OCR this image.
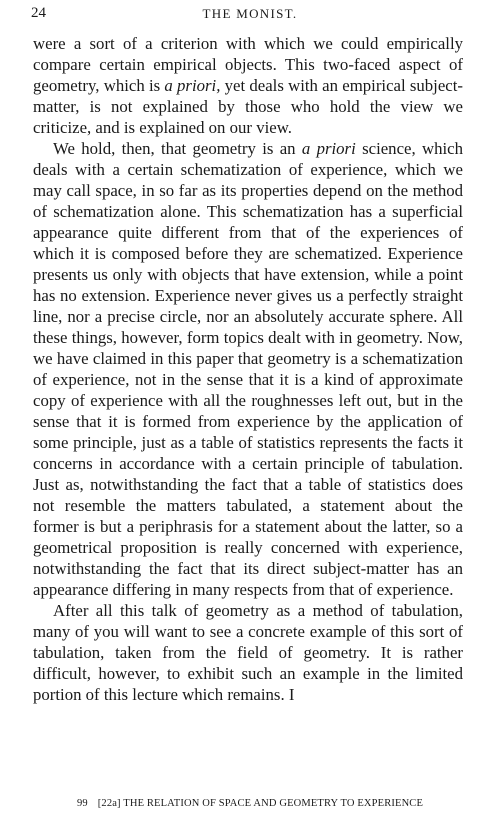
24	THE MONIST.

were a sort of a criterion with which we could empirically compare certain empirical objects. This two-faced aspect of geometry, which is a priori, yet deals with an empirical subject-matter, is not explained by those who hold the view we criticize, and is explained on our view.

We hold, then, that geometry is an a priori science, which deals with a certain schematization of experience, which we may call space, in so far as its properties depend on the method of schematization alone. This schematization has a superficial appearance quite different from that of the experiences of which it is composed before they are schematized. Experience presents us only with objects that have extension, while a point has no extension. Experience never gives us a perfectly straight line, nor a precise circle, nor an absolutely accurate sphere. All these things, however, form topics dealt with in geometry. Now, we have claimed in this paper that geometry is a schematization of experience, not in the sense that it is a kind of approximate copy of experience with all the roughnesses left out, but in the sense that it is formed from experience by the application of some principle, just as a table of statistics represents the facts it concerns in accordance with a certain principle of tabulation. Just as, notwithstanding the fact that a table of statistics does not resemble the matters tabulated, a statement about the former is but a periphrasis for a statement about the latter, so a geometrical proposition is really concerned with experience, notwithstanding the fact that its direct subject-matter has an appearance differing in many respects from that of experience.

After all this talk of geometry as a method of tabulation, many of you will want to see a concrete example of this sort of tabulation, taken from the field of geometry. It is rather difficult, however, to exhibit such an example in the limited portion of this lecture which remains. I

99 [22a] THE RELATION OF SPACE AND GEOMETRY TO EXPERIENCE
